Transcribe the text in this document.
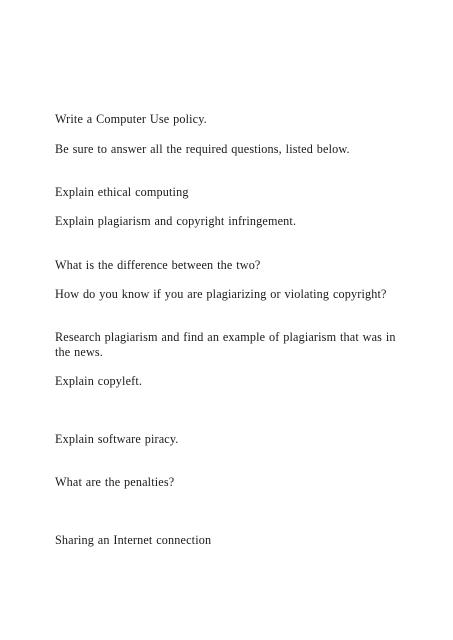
Write a Computer Use policy.

Be sure to answer all the required questions, listed below.

Explain ethical computing

Explain plagiarism and copyright infringement.

What is the difference between the two?

How do you know if you are plagiarizing or violating copyright?

Research plagiarism and find an example of plagiarism that was in the news.

Explain copyleft.

Explain software piracy.

What are the penalties?

Sharing an Internet connection
